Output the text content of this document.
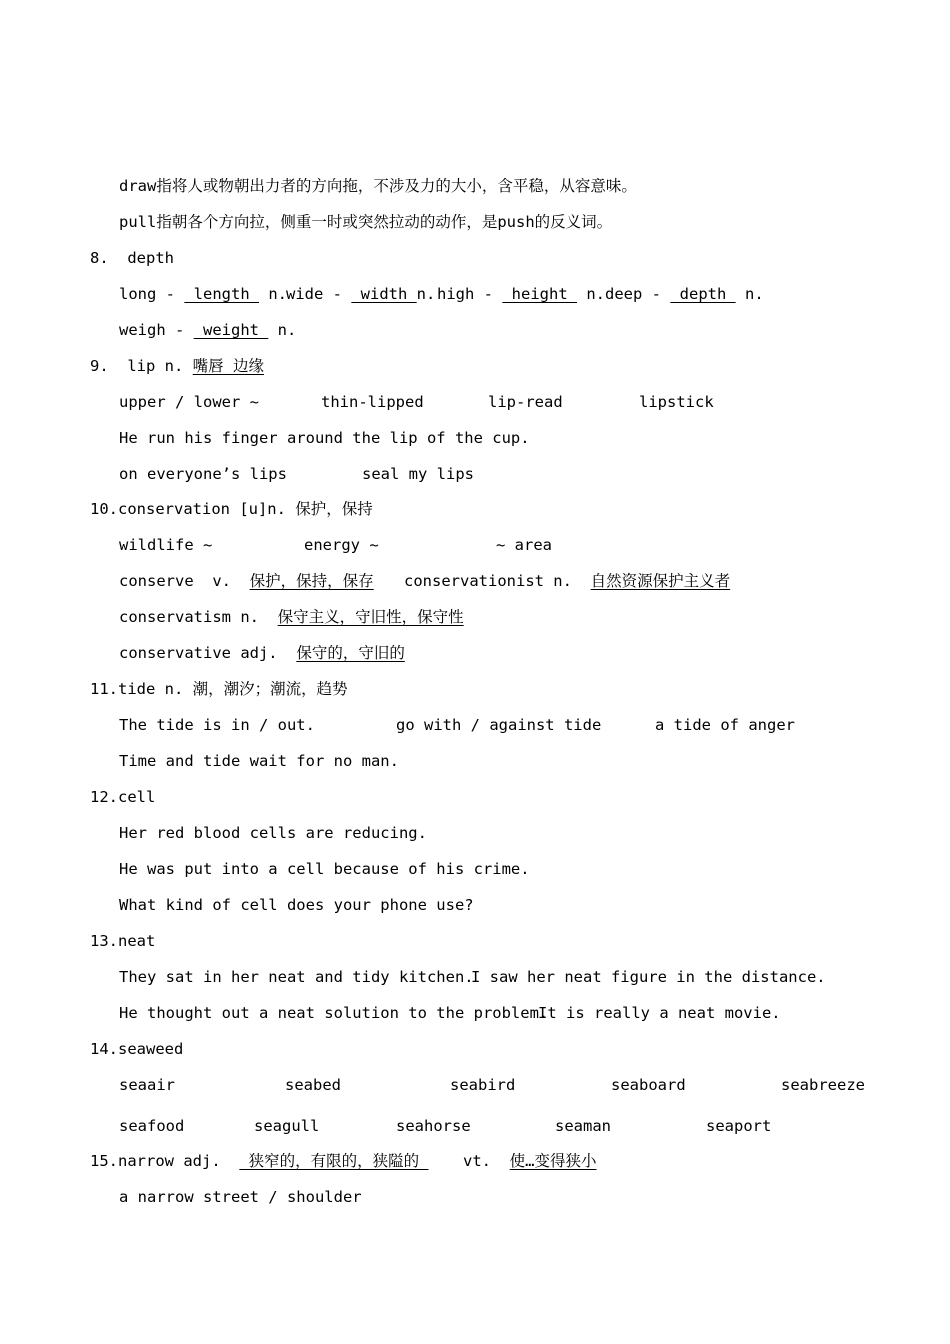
draw指将人或物朝出力者的方向拖，不涉及力的大小，含平稳，从容意味。
pull指朝各个方向拉，侧重一时或突然拉动的动作，是push的反义词。
8. depth
long -  length  n. wide -  width n. high -  height  n. deep -  depth  n.
weigh -  weight  n.
9. lip n. 嘴唇 边缘
upper / lower ~	thin-lipped	lip-read	lipstick
He run his finger around the lip of the cup.
on everyone’s lips	seal my lips
10.conservation [u]n. 保护，保持
wildlife ~	energy ~	~ area
conserve  v.  保护，保持，保存 conservationist n.  自然资源保护主义者
conservatism n.  保守主义，守旧性，保守性
conservative adj.  保守的，守旧的
11.tide n. 潮，潮汐；潮流，趋势
The tide is in / out.	go with / against tide	a tide of anger
Time and tide wait for no man.
12.cell
Her red blood cells are reducing.
He was put into a cell because of his crime.
What kind of cell does your phone use?
13.neat
They sat in her neat and tidy kitchen.
I saw her neat figure in the distance.
He thought out a neat solution to the problem.
It is really a neat movie.
14.seaweed
seaair	seabed	seabird	seaboard	seabreeze
seafood	seagull	seahorse	seaman	seaport
15.narrow adj.   狭窄的，有限的，狭隘的 vt.  使…变得狭小
a narrow street / shoulder
